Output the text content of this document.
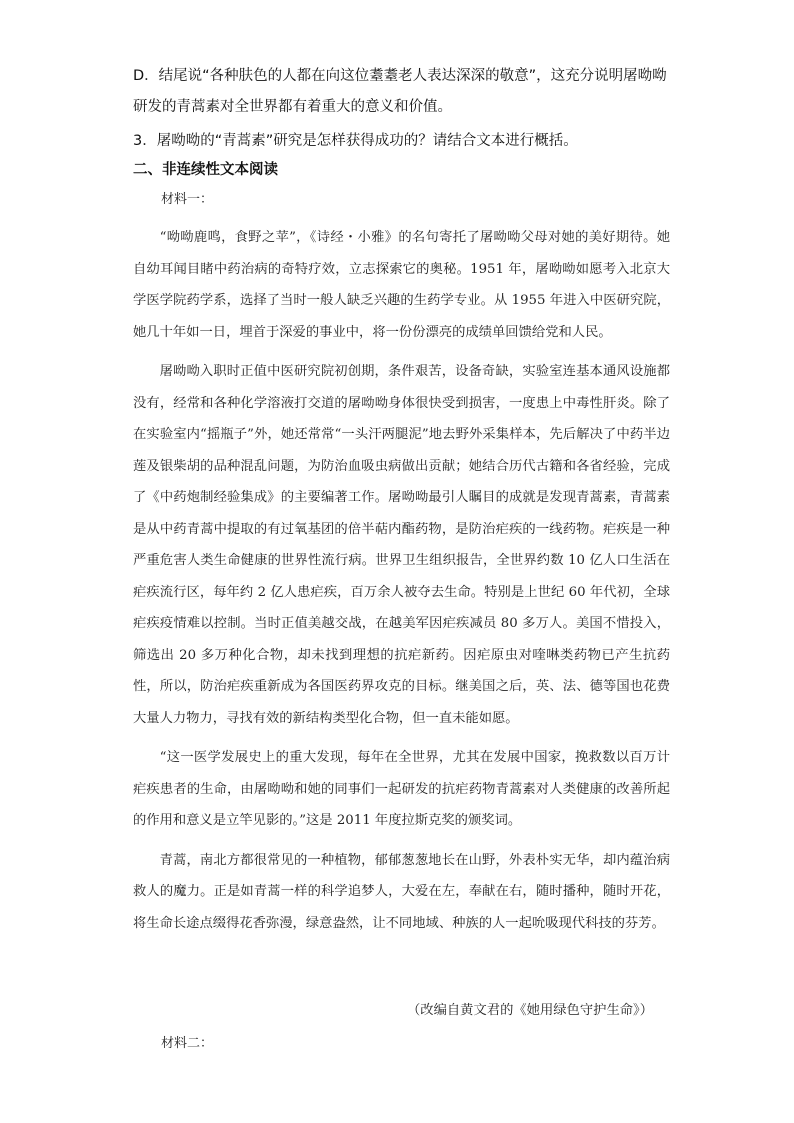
D．结尾说“各种肤色的人都在向这位耋耋老人表达深深的敬意”，这充分说明屠呦呦研发的青蒿素对全世界都有着重大的意义和价值。
3．屠呦呦的“青蒿素”研究是怎样获得成功的？请结合文本进行概括。
二、非连续性文本阅读
材料一：

“呦呦鹿鸣，食野之苹”，《诗经・小雅》的名句寄托了屠呦呦父母对她的美好期待。她自幼耳闻目睹中药治病的奇特疗效，立志探索它的奥秘。1951 年，屠呦呦如愿考入北京大学医学院药学系，选择了当时一般人缺乏兴趣的生药学专业。从 1955 年进入中医研究院，她几十年如一日，埋首于深爱的事业中，将一份份漂亮的成绩单回馈给党和人民。

屠呦呦入职时正值中医研究院初创期，条件艰苦，设备奇缺，实验室连基本通风设施都没有，经常和各种化学溶液打交道的屠呦呦身体很快受到损害，一度患上中毒性肝炎。除了在实验室内“摇瓶子”外，她还常常“一头汗两腿泥”地去野外采集样本，先后解决了中药半边莲及银柴胡的品种混乱问题，为防治血吸虫病做出贡献；她结合历代古籍和各省经验，完成了《中药炮制经验集成》的主要编著工作。屠呦呦最引人瞩目的成就是发现青蒿素，青蒿素是从中药青蒿中提取的有过氧基团的倍半萜内酯药物，是防治疟疾的一线药物。疟疾是一种严重危害人类生命健康的世界性流行病。世界卫生组织报告，全世界约数 10 亿人口生活在疟疾流行区，每年约 2 亿人患疟疾，百万余人被夺去生命。特别是上世纪 60 年代初，全球疟疾疫情难以控制。当时正值美越交战，在越美军因疟疾减员 80 多万人。美国不惜投入，筛选出 20 多万种化合物，却未找到理想的抗疟新药。因疟原虫对喹啉类药物已产生抗药性，所以，防治疟疾重新成为各国医药界攻克的目标。继美国之后，英、法、德等国也花费大量人力物力，寻找有效的新结构类型化合物，但一直未能如愿。

“这一医学发展史上的重大发现，每年在全世界，尤其在发展中国家，挽救数以百万计疟疾患者的生命，由屠呦呦和她的同事们一起研发的抗疟药物青蒿素对人类健康的改善所起的作用和意义是立竿见影的。”这是 2011 年度拉斯克奖的颁奖词。

青蒿，南北方都很常见的一种植物，郁郁葱葱地长在山野，外表朴实无华，却内蕴治病救人的魔力。正是如青蒿一样的科学追梦人，大爱在左，奉献在右，随时播种，随时开花，将生命长途点缀得花香弥漫，绿意盎然，让不同地域、种族的人一起吮吸现代科技的芬芳。

（改编自黄文君的《她用绿色守护生命》）
材料二：
